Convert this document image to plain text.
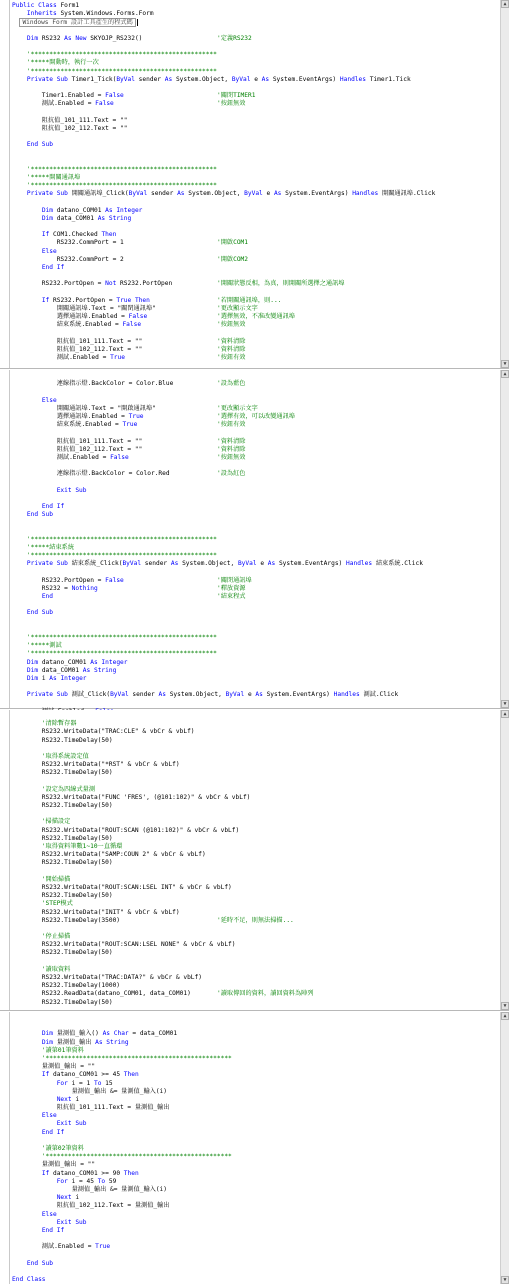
Public Class Form1
Inherits System.Windows.Forms.Form
Windows Form 設計工具產生的程式碼
Dim RS232 As New SKYOJP_RS232()	'定義RS232
'**************************************************
'*****開動時，執行一次
'**************************************************
Private Sub Timer1_Tick(ByVal sender As System.Object, ByVal e As System.EventArgs) Handles Timer1.Tick
Timer1.Enabled = False	'關閉TIMER1
測試.Enabled = False	'按鈕無效
阻抗值_101_111.Text = ""
阻抗值_102_112.Text = ""
End Sub
'**************************************************
'*****開關通訊埠
'**************************************************
Private Sub 開關通訊埠_Click(ByVal sender As System.Object, ByVal e As System.EventArgs) Handles 開關通訊埠.Click
Dim datano_COM01 As Integer
Dim data_COM01 As String
If COM1.Checked Then
RS232.CommPort = 1	'開啟COM1
Else
RS232.CommPort = 2	'開啟COM2
End If
RS232.PortOpen = Not RS232.PortOpen	'開關狀態反相，為真，則開關所選擇之通訊埠
If RS232.PortOpen = True Then	'若開關通訊埠，則...
開關通訊埠.Text = "關閉通訊埠"	'更改顯示文字
選擇通訊埠.Enabled = False	'選擇無效，不准改變通訊埠
結束系統.Enabled = False	'按鈕無效
阻抗值_101_111.Text = ""	'資料清除
阻抗值_102_112.Text = ""	'資料清除
測試.Enabled = True	'按鈕有效
▲
▼
連線指示燈.BackColor = Color.Blue	'設為藍色
Else
開關通訊埠.Text = "開啟通訊埠"	'更改顯示文字
選擇通訊埠.Enabled = True	'選擇有效，可以改變通訊埠
結束系統.Enabled = True	'按鈕有效
阻抗值_101_111.Text = ""	'資料清除
阻抗值_102_112.Text = ""	'資料清除
測試.Enabled = False	'按鈕無效
連線指示燈.BackColor = Color.Red	'設為紅色
Exit Sub
End If
End Sub
'**************************************************
'*****結束系統
'**************************************************
Private Sub 結束系統_Click(ByVal sender As System.Object, ByVal e As System.EventArgs) Handles 結束系統.Click
RS232.PortOpen = False	'關閉通訊埠
RS232 = Nothing	'釋放資源
End	'結束程式
End Sub
'**************************************************
'*****測試
'**************************************************
Dim datano_COM01 As Integer
Dim data_COM01 As String
Dim i As Integer
Private Sub 測試_Click(ByVal sender As System.Object, ByVal e As System.EventArgs) Handles 測試.Click
▲
▼
'清除暫存器
RS232.WriteData("TRAC:CLE" & vbCr & vbLf)
RS232.TimeDelay(50)
'取得系統設定值
RS232.WriteData("*RST" & vbCr & vbLf)
RS232.TimeDelay(50)
'設定為四線式量測
RS232.WriteData("FUNC 'FRES', (@101:102)" & vbCr & vbLf)
RS232.TimeDelay(50)
'掃描設定
RS232.WriteData("ROUT:SCAN (@101:102)" & vbCr & vbLf)
RS232.TimeDelay(50)
'取得資料筆數1~10一直循環
RS232.WriteData("SAMP:COUN 2" & vbCr & vbLf)
RS232.TimeDelay(50)
'開始掃描
RS232.WriteData("ROUT:SCAN:LSEL INT" & vbCr & vbLf)
RS232.TimeDelay(50)
'STEP模式
RS232.WriteData("INIT" & vbCr & vbLf)
RS232.TimeDelay(3500)	'延時不足，則無法掃描...
'停止掃描
RS232.WriteData("ROUT:SCAN:LSEL NONE" & vbCr & vbLf)
RS232.TimeDelay(50)
'讀取資料
RS232.WriteData("TRAC:DATA?" & vbCr & vbLf)
RS232.TimeDelay(1000)
RS232.ReadData(datano_COM01, data_COM01)	'讀取傳回的資料，讀回資料為陣列
RS232.TimeDelay(50)
▲
▼
Dim 量測值_輸入() As Char = data_COM01
Dim 量測值_輸出 As String
'讀第01筆資料
'**************************************************
量測值_輸出 = ""
If datano_COM01 >= 45 Then
For i = 1 To 15
量測值_輸出 &= 量測值_輸入(i)
Next i
阻抗值_101_111.Text = 量測值_輸出
Else
Exit Sub
End If
'讀第02筆資料
'**************************************************
量測值_輸出 = ""
If datano_COM01 >= 90 Then
For i = 45 To 59
量測值_輸出 &= 量測值_輸入(i)
Next i
阻抗值_102_112.Text = 量測值_輸出
Else
Exit Sub
End If
測試.Enabled = True
End Sub
End Class
▲
▼
